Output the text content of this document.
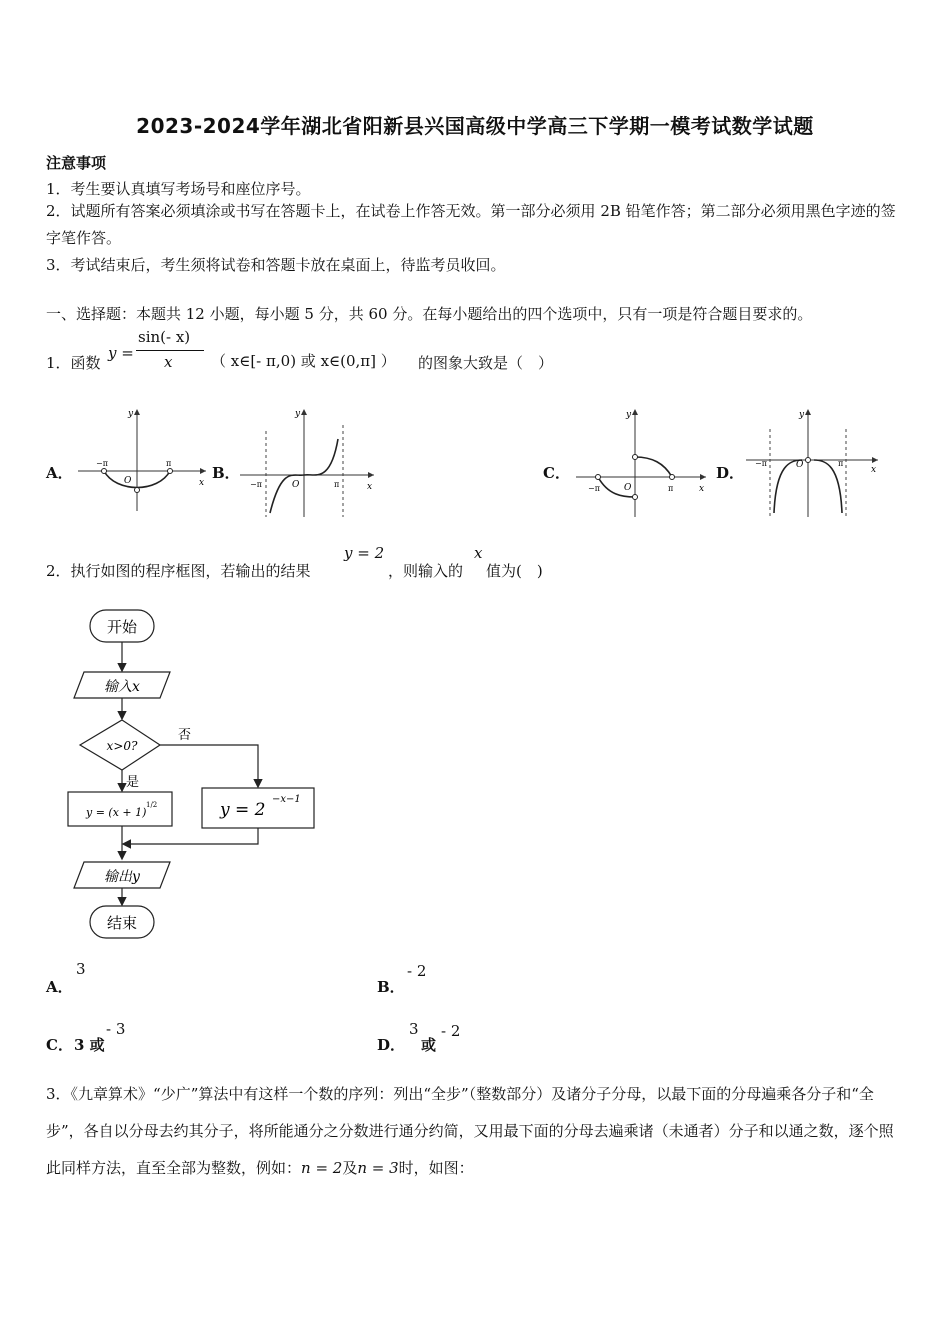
2023-2024学年湖北省阳新县兴国高级中学高三下学期一模考试数学试题
注意事项
1．考生要认真填写考场号和座位序号。
2．试题所有答案必须填涂或书写在答题卡上，在试卷上作答无效。第一部分必须用 2B 铅笔作答；第二部分必须用黑色字迹的签字笔作答。
3．考试结束后，考生须将试卷和答题卡放在桌面上，待监考员收回。
一、选择题：本题共 12 小题，每小题 5 分，共 60 分。在每小题给出的四个选项中，只有一项是符合题目要求的。
1．函数
y =
sin(- x)
x	（ x∈[- π,0) 或 x∈(0,π] ） 的图象大致是（　）
A．	B．	C．	D．
y
x
O
−π	π
y
x
O
−π	π
y
x
O
−π	π
y
x
O
−π	π
2．执行如图的程序框图，若输出的结果
y = 2
，则输入的
x
值为(　)
开始
输入x
x>0?
否
是
y = (x + 1)
1/2	y = 2
−x−1
输出y
结束
A．
3
B．
- 2
C． 3 或
- 3
D．
3
或
- 2
3．《九章算术》“少广”算法中有这样一个数的序列：列出“全步”（整数部分）及诸分子分母，以最下面的分母遍乘各分子和“全步”，各自以分母去约其分子，将所能通分之分数进行通分约简，又用最下面的分母去遍乘诸（未通者）分子和以通之数，逐个照此同样方法，直至全部为整数，例如：n = 2及n = 3时，如图：
